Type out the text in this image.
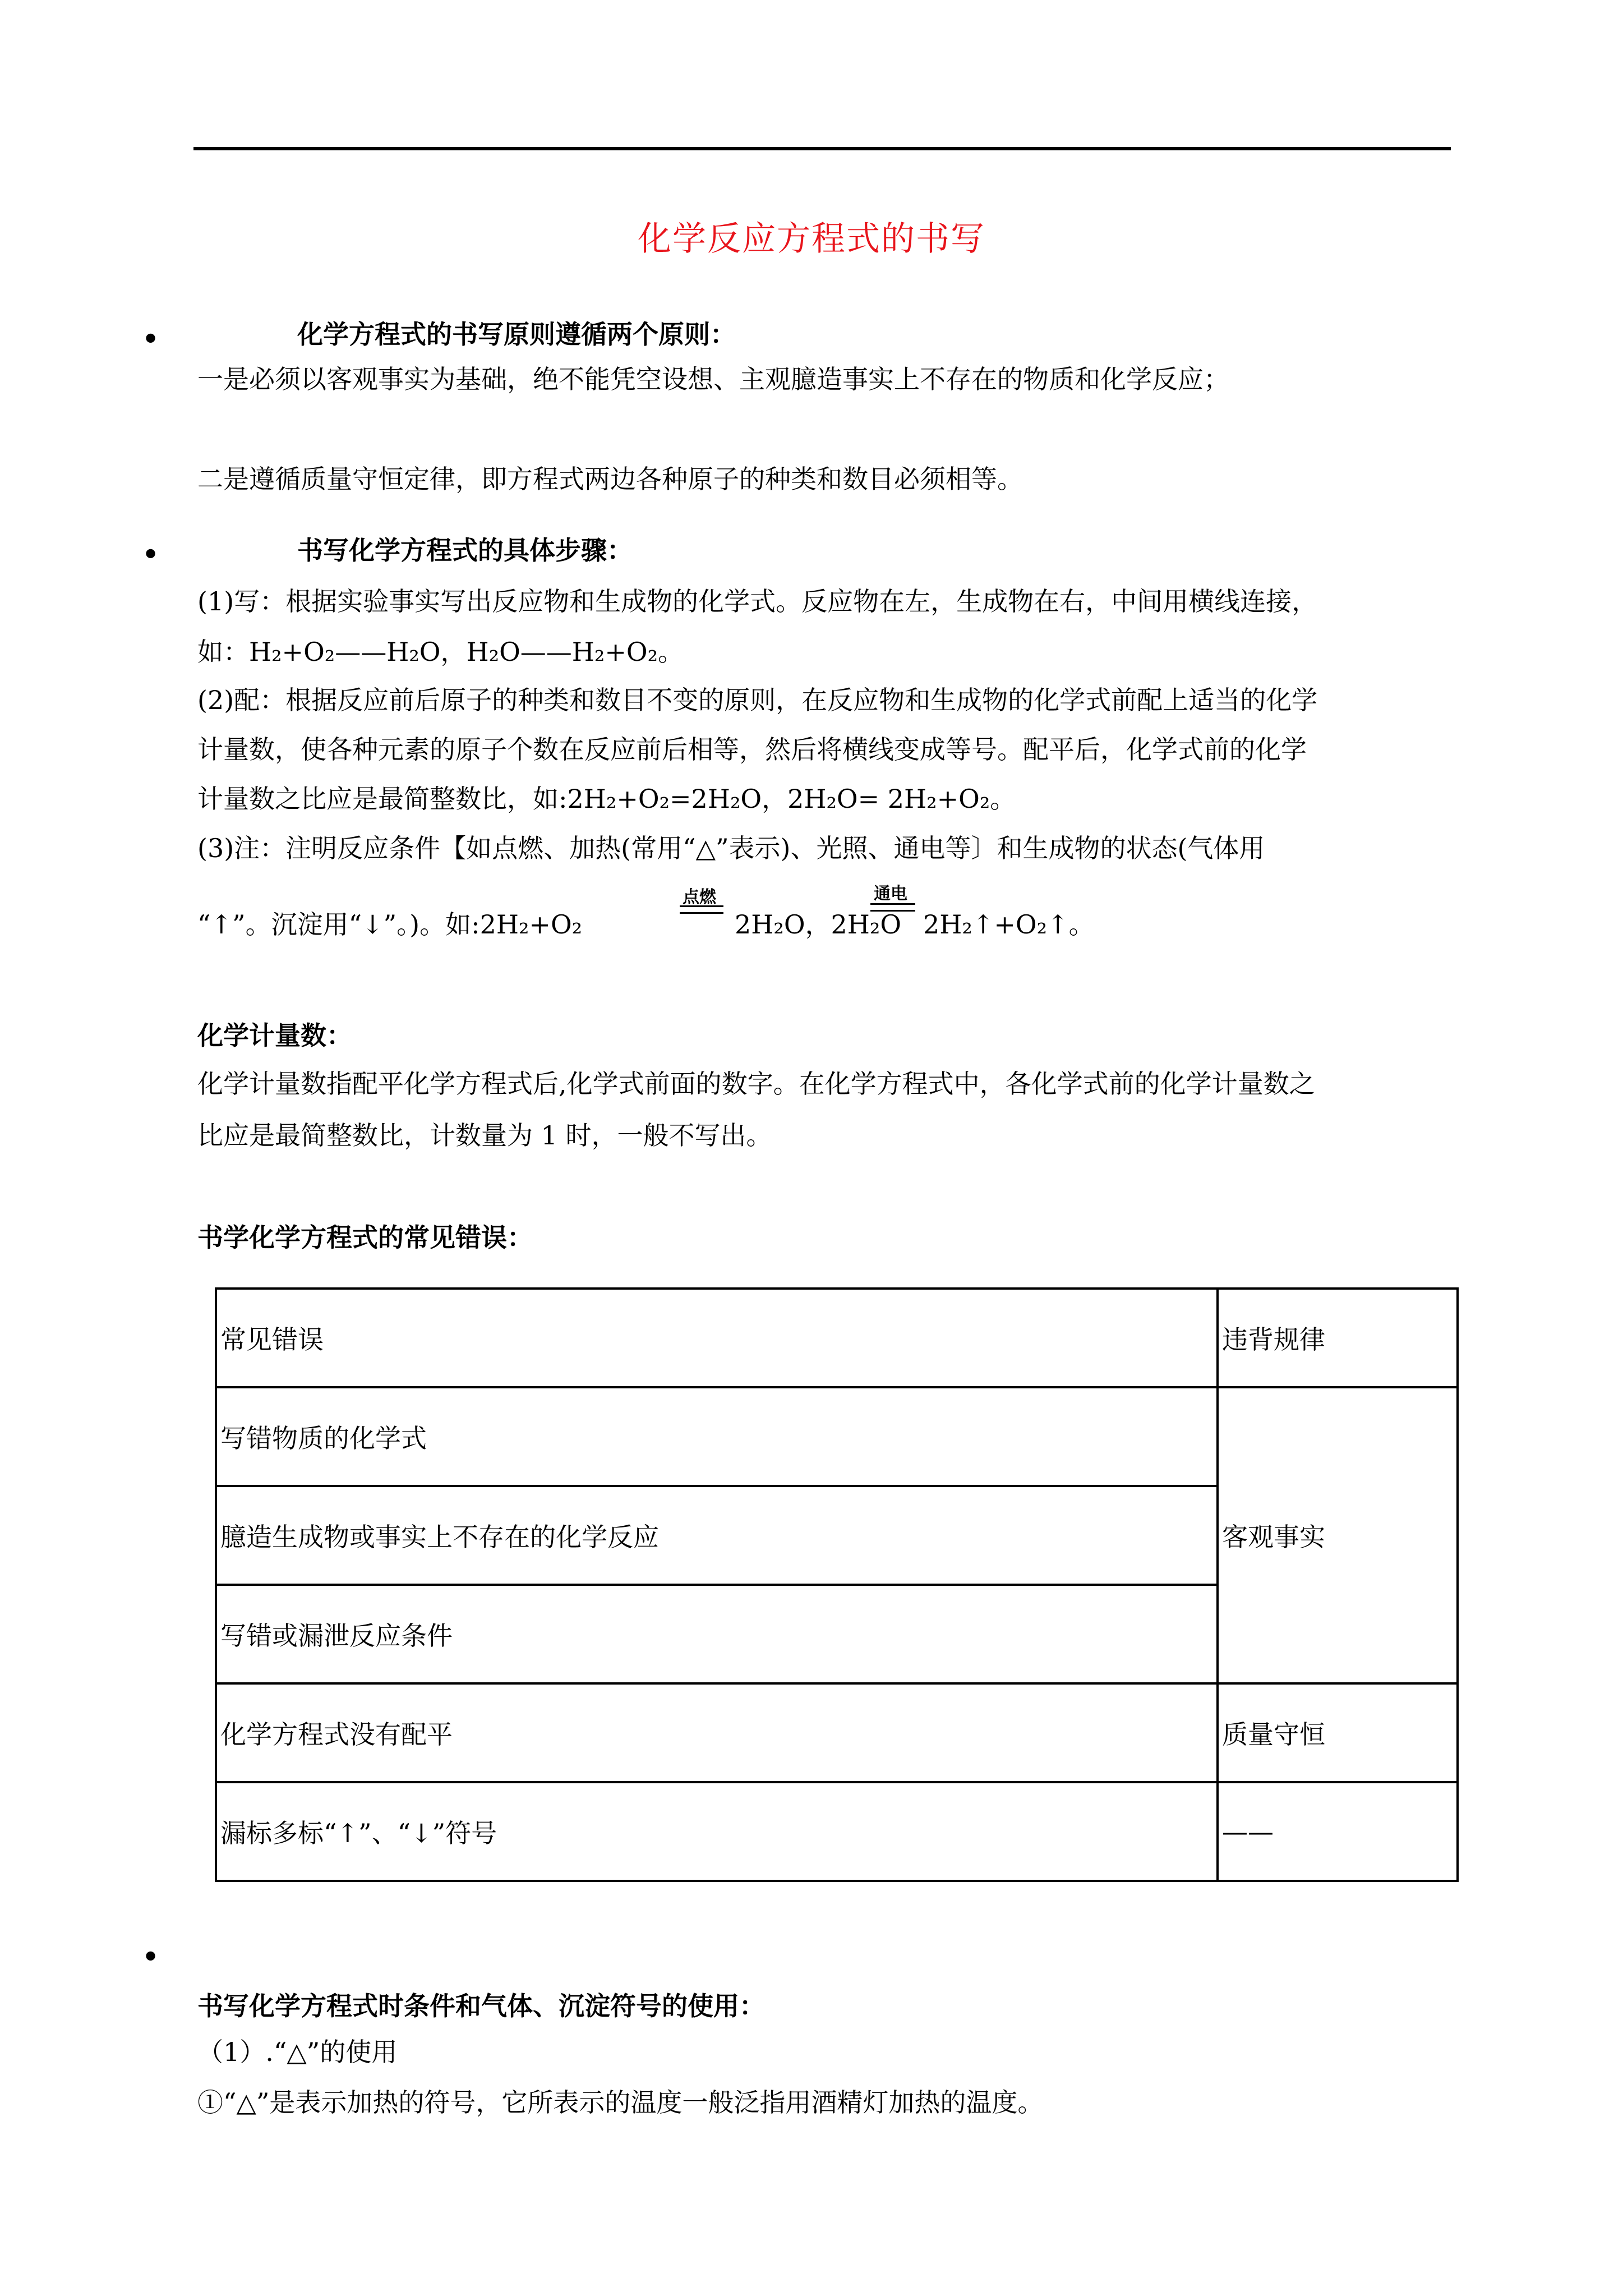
化学反应方程式的书写
•	化学方程式的书写原则遵循两个原则：
一是必须以客观事实为基础，绝不能凭空设想、主观臆造事实上不存在的物质和化学反应；
二是遵循质量守恒定律，即方程式两边各种原子的种类和数目必须相等。
•	书写化学方程式的具体步骤：
(1)写：根据实验事实写出反应物和生成物的化学式。反应物在左，生成物在右，中间用横线连接，
如：H₂+O₂——H₂O，H₂O——H₂+O₂。
(2)配：根据反应前后原子的种类和数目不变的原则，在反应物和生成物的化学式前配上适当的化学
计量数，使各种元素的原子个数在反应前后相等，然后将横线变成等号。配平后，化学式前的化学
计量数之比应是最简整数比，如:2H₂+O₂=2H₂O，2H₂O= 2H₂+O₂。
(3)注：注明反应条件【如点燃、加热(常用“△”表示)、光照、通电等〕和生成物的状态(气体用
“↑”。沉淀用“↓”。)。如:2H₂+O₂
点燃
2H₂O，2H₂O
通电
2H₂↑+O₂↑。
化学计量数：
化学计量数指配平化学方程式后,化学式前面的数字。在化学方程式中，各化学式前的化学计量数之
比应是最简整数比，计数量为 1 时，一般不写出。
书学化学方程式的常见错误：
常见错误	违背规律
写错物质的化学式	客观事实
臆造生成物或事实上不存在的化学反应	
写错或漏泄反应条件	
化学方程式没有配平	质量守恒
漏标多标“↑”、“↓”符号	——
•
书写化学方程式时条件和气体、沉淀符号的使用：
（1）.“△”的使用
①“△”是表示加热的符号，它所表示的温度一般泛指用酒精灯加热的温度。
